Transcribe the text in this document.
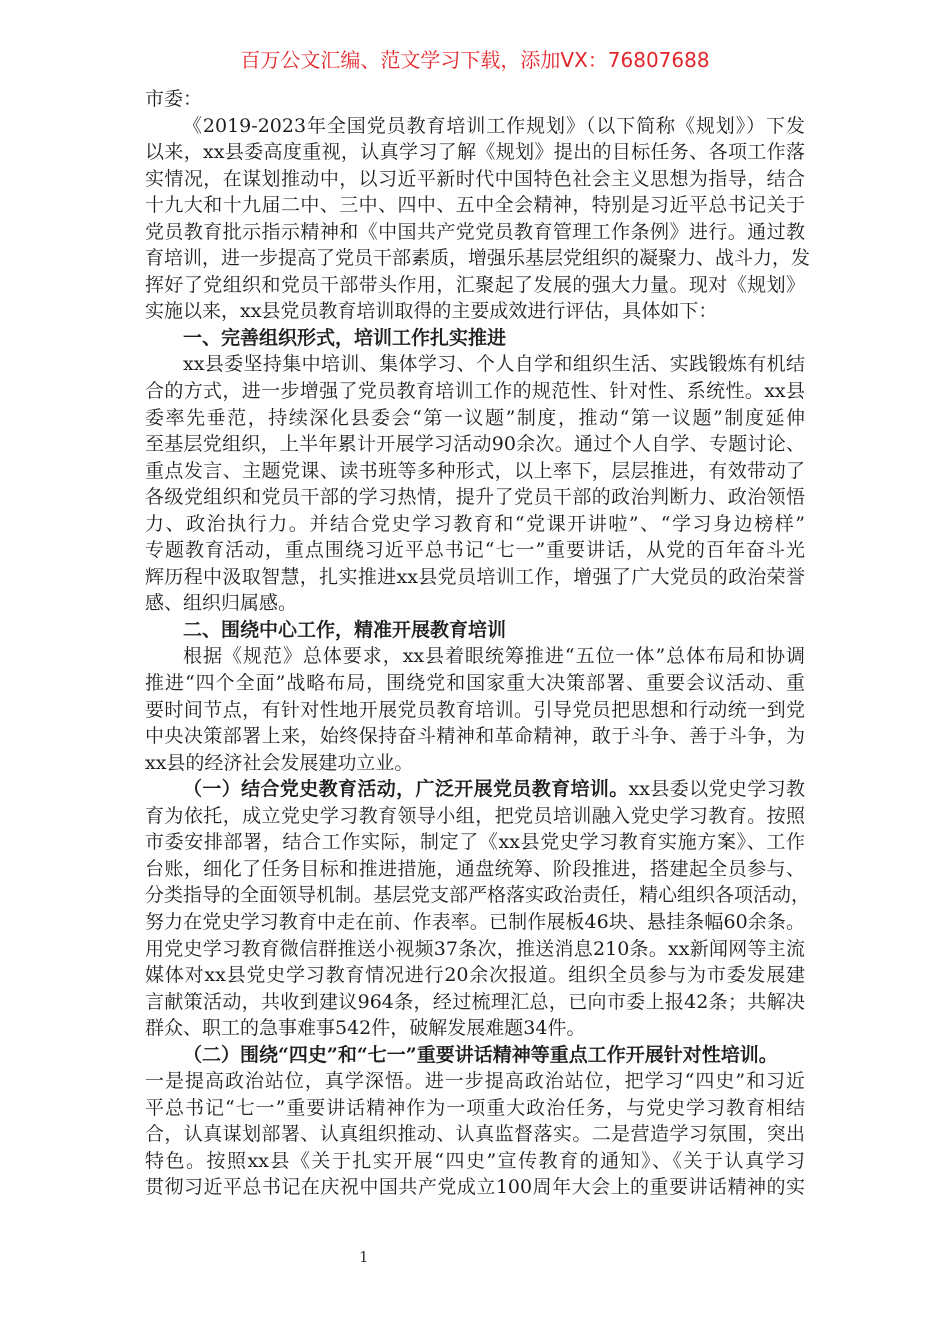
百万公文汇编、范文学习下载，添加VX：76807688
市委：
《2019-2023年全国党员教育培训工作规划》（以下简称《规划》）下发
以来，xx县委高度重视，认真学习了解《规划》提出的目标任务、各项工作落
实情况，在谋划推动中，以习近平新时代中国特色社会主义思想为指导，结合
十九大和十九届二中、三中、四中、五中全会精神，特别是习近平总书记关于
党员教育批示指示精神和《中国共产党党员教育管理工作条例》进行。通过教
育培训，进一步提高了党员干部素质，增强乐基层党组织的凝聚力、战斗力，发
挥好了党组织和党员干部带头作用，汇聚起了发展的强大力量。现对《规划》
实施以来，xx县党员教育培训取得的主要成效进行评估，具体如下：
一、完善组织形式，培训工作扎实推进
xx县委坚持集中培训、集体学习、个人自学和组织生活、实践锻炼有机结
合的方式，进一步增强了党员教育培训工作的规范性、针对性、系统性。xx县
委率先垂范，持续深化县委会“第一议题”制度，推动“第一议题”制度延伸
至基层党组织，上半年累计开展学习活动90余次。通过个人自学、专题讨论、
重点发言、主题党课、读书班等多种形式，以上率下，层层推进，有效带动了
各级党组织和党员干部的学习热情，提升了党员干部的政治判断力、政治领悟
力、政治执行力。并结合党史学习教育和“党课开讲啦”、“学习身边榜样”
专题教育活动，重点围绕习近平总书记“七一”重要讲话，从党的百年奋斗光
辉历程中汲取智慧，扎实推进xx县党员培训工作，增强了广大党员的政治荣誉
感、组织归属感。
二、围绕中心工作，精准开展教育培训
根据《规范》总体要求，xx县着眼统筹推进“五位一体”总体布局和协调
推进“四个全面”战略布局，围绕党和国家重大决策部署、重要会议活动、重
要时间节点，有针对性地开展党员教育培训。引导党员把思想和行动统一到党
中央决策部署上来，始终保持奋斗精神和革命精神，敢于斗争、善于斗争，为
xx县的经济社会发展建功立业。
（一）结合党史教育活动，广泛开展党员教育培训。xx县委以党史学习教
育为依托，成立党史学习教育领导小组，把党员培训融入党史学习教育。按照
市委安排部署，结合工作实际，制定了《xx县党史学习教育实施方案》、工作
台账，细化了任务目标和推进措施，通盘统筹、阶段推进，搭建起全员参与、
分类指导的全面领导机制。基层党支部严格落实政治责任，精心组织各项活动，
努力在党史学习教育中走在前、作表率。已制作展板46块、悬挂条幅60余条。
用党史学习教育微信群推送小视频37条次，推送消息210条。xx新闻网等主流
媒体对xx县党史学习教育情况进行20余次报道。组织全员参与为市委发展建
言献策活动，共收到建议964条，经过梳理汇总，已向市委上报42条；共解决
群众、职工的急事难事542件，破解发展难题34件。
（二）围绕“四史”和“七一”重要讲话精神等重点工作开展针对性培训。
一是提高政治站位，真学深悟。进一步提高政治站位，把学习“四史”和习近
平总书记“七一”重要讲话精神作为一项重大政治任务，与党史学习教育相结
合，认真谋划部署、认真组织推动、认真监督落实。二是营造学习氛围，突出
特色。按照xx县《关于扎实开展“四史”宣传教育的通知》、《关于认真学习
贯彻习近平总书记在庆祝中国共产党成立100周年大会上的重要讲话精神的实
1
